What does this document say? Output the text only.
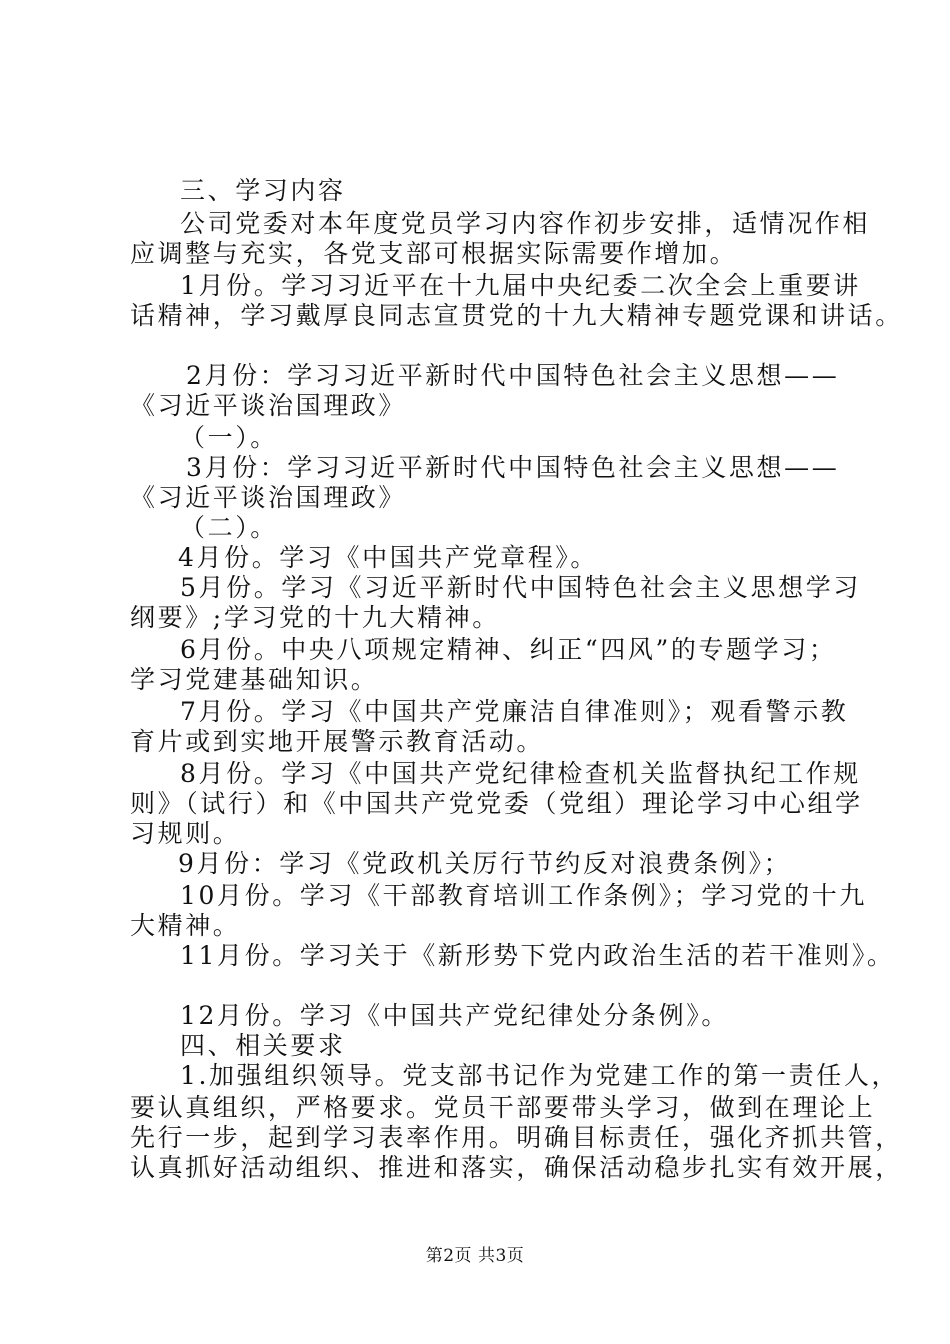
三、学习内容
公司党委对本年度党员学习内容作初步安排，适情况作相
应调整与充实，各党支部可根据实际需要作增加。
1月份。学习习近平在十九届中央纪委二次全会上重要讲
话精神，学习戴厚良同志宣贯党的十九大精神专题党课和讲话。
2月份：学习习近平新时代中国特色社会主义思想——
《习近平谈治国理政》
（一）。
3月份：学习习近平新时代中国特色社会主义思想——
《习近平谈治国理政》
（二）。
4月份。学习《中国共产党章程》。
5月份。学习《习近平新时代中国特色社会主义思想学习
纲要》;学习党的十九大精神。
6月份。中央八项规定精神、纠正“四风”的专题学习；
学习党建基础知识。
7月份。学习《中国共产党廉洁自律准则》；观看警示教
育片或到实地开展警示教育活动。
8月份。学习《中国共产党纪律检查机关监督执纪工作规
则》（试行）和《中国共产党党委（党组）理论学习中心组学
习规则。
9月份：学习《党政机关厉行节约反对浪费条例》；
10月份。学习《干部教育培训工作条例》；学习党的十九
大精神。
11月份。学习关于《新形势下党内政治生活的若干准则》。
12月份。学习《中国共产党纪律处分条例》。
四、相关要求
1.加强组织领导。党支部书记作为党建工作的第一责任人，
要认真组织，严格要求。党员干部要带头学习，做到在理论上
先行一步，起到学习表率作用。明确目标责任，强化齐抓共管，
认真抓好活动组织、推进和落实，确保活动稳步扎实有效开展，
第2页 共3页
